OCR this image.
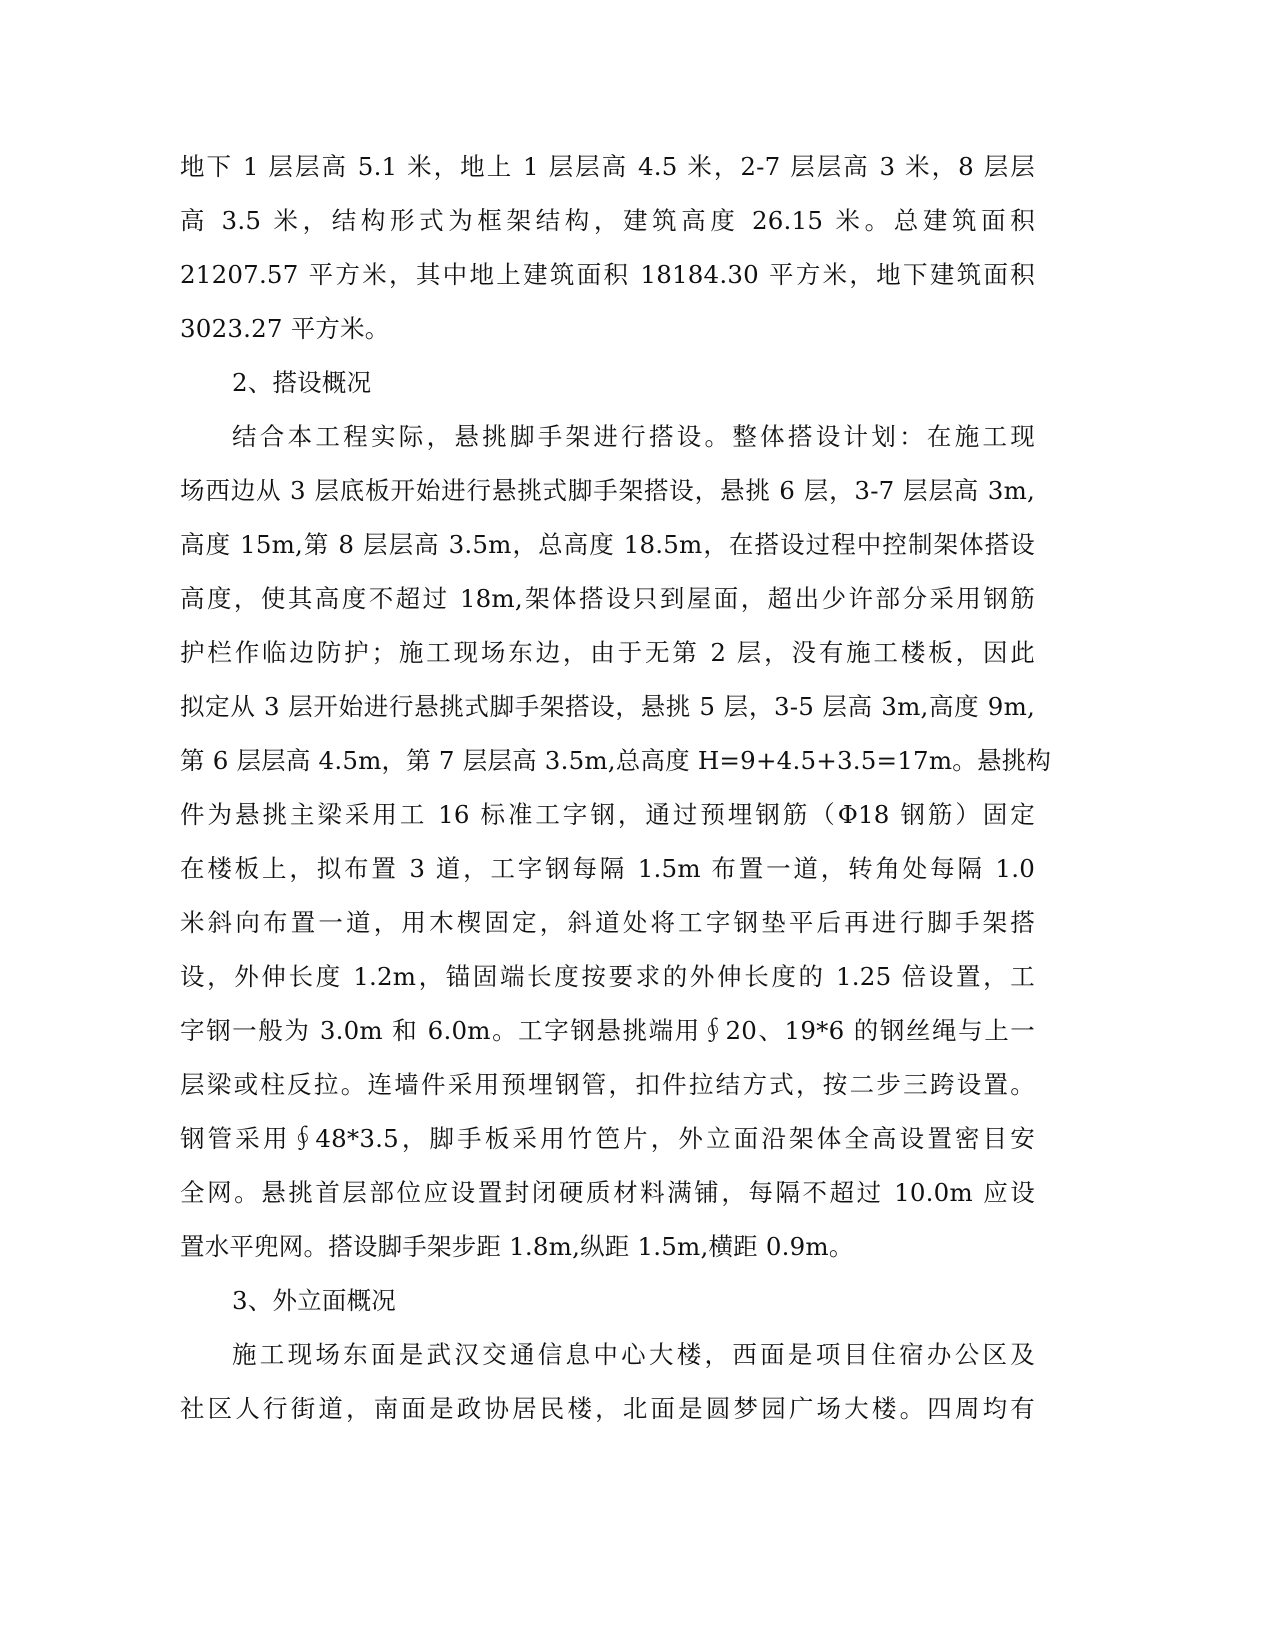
地下 1 层层高 5.1 米，地上 1 层层高 4.5 米，2-7 层层高 3 米，8 层层
高 3.5 米，结构形式为框架结构，建筑高度 26.15 米。总建筑面积
21207.57 平方米，其中地上建筑面积 18184.30 平方米，地下建筑面积
3023.27 平方米。
2、搭设概况
结合本工程实际，悬挑脚手架进行搭设。整体搭设计划：在施工现
场西边从 3 层底板开始进行悬挑式脚手架搭设，悬挑 6 层，3-7 层层高 3m,
高度 15m,第 8 层层高 3.5m，总高度 18.5m，在搭设过程中控制架体搭设
高度，使其高度不超过 18m,架体搭设只到屋面，超出少许部分采用钢筋
护栏作临边防护；施工现场东边，由于无第 2 层，没有施工楼板，因此
拟定从 3 层开始进行悬挑式脚手架搭设，悬挑 5 层，3-5 层高 3m,高度 9m,
第 6 层层高 4.5m，第 7 层层高 3.5m,总高度 H=9+4.5+3.5=17m。悬挑构
件为悬挑主梁采用工 16 标准工字钢，通过预埋钢筋（Φ18 钢筋）固定
在楼板上，拟布置 3 道，工字钢每隔 1.5m 布置一道，转角处每隔 1.0
米斜向布置一道，用木楔固定，斜道处将工字钢垫平后再进行脚手架搭
设，外伸长度 1.2m，锚固端长度按要求的外伸长度的 1.25 倍设置，工
字钢一般为 3.0m 和 6.0m。工字钢悬挑端用∮20、19*6 的钢丝绳与上一
层梁或柱反拉。连墙件采用预埋钢管，扣件拉结方式，按二步三跨设置。
钢管采用∮48*3.5，脚手板采用竹笆片，外立面沿架体全高设置密目安
全网。悬挑首层部位应设置封闭硬质材料满铺，每隔不超过 10.0m 应设
置水平兜网。搭设脚手架步距 1.8m,纵距 1.5m,横距 0.9m。
3、外立面概况
施工现场东面是武汉交通信息中心大楼，西面是项目住宿办公区及
社区人行街道，南面是政协居民楼，北面是圆梦园广场大楼。四周均有
